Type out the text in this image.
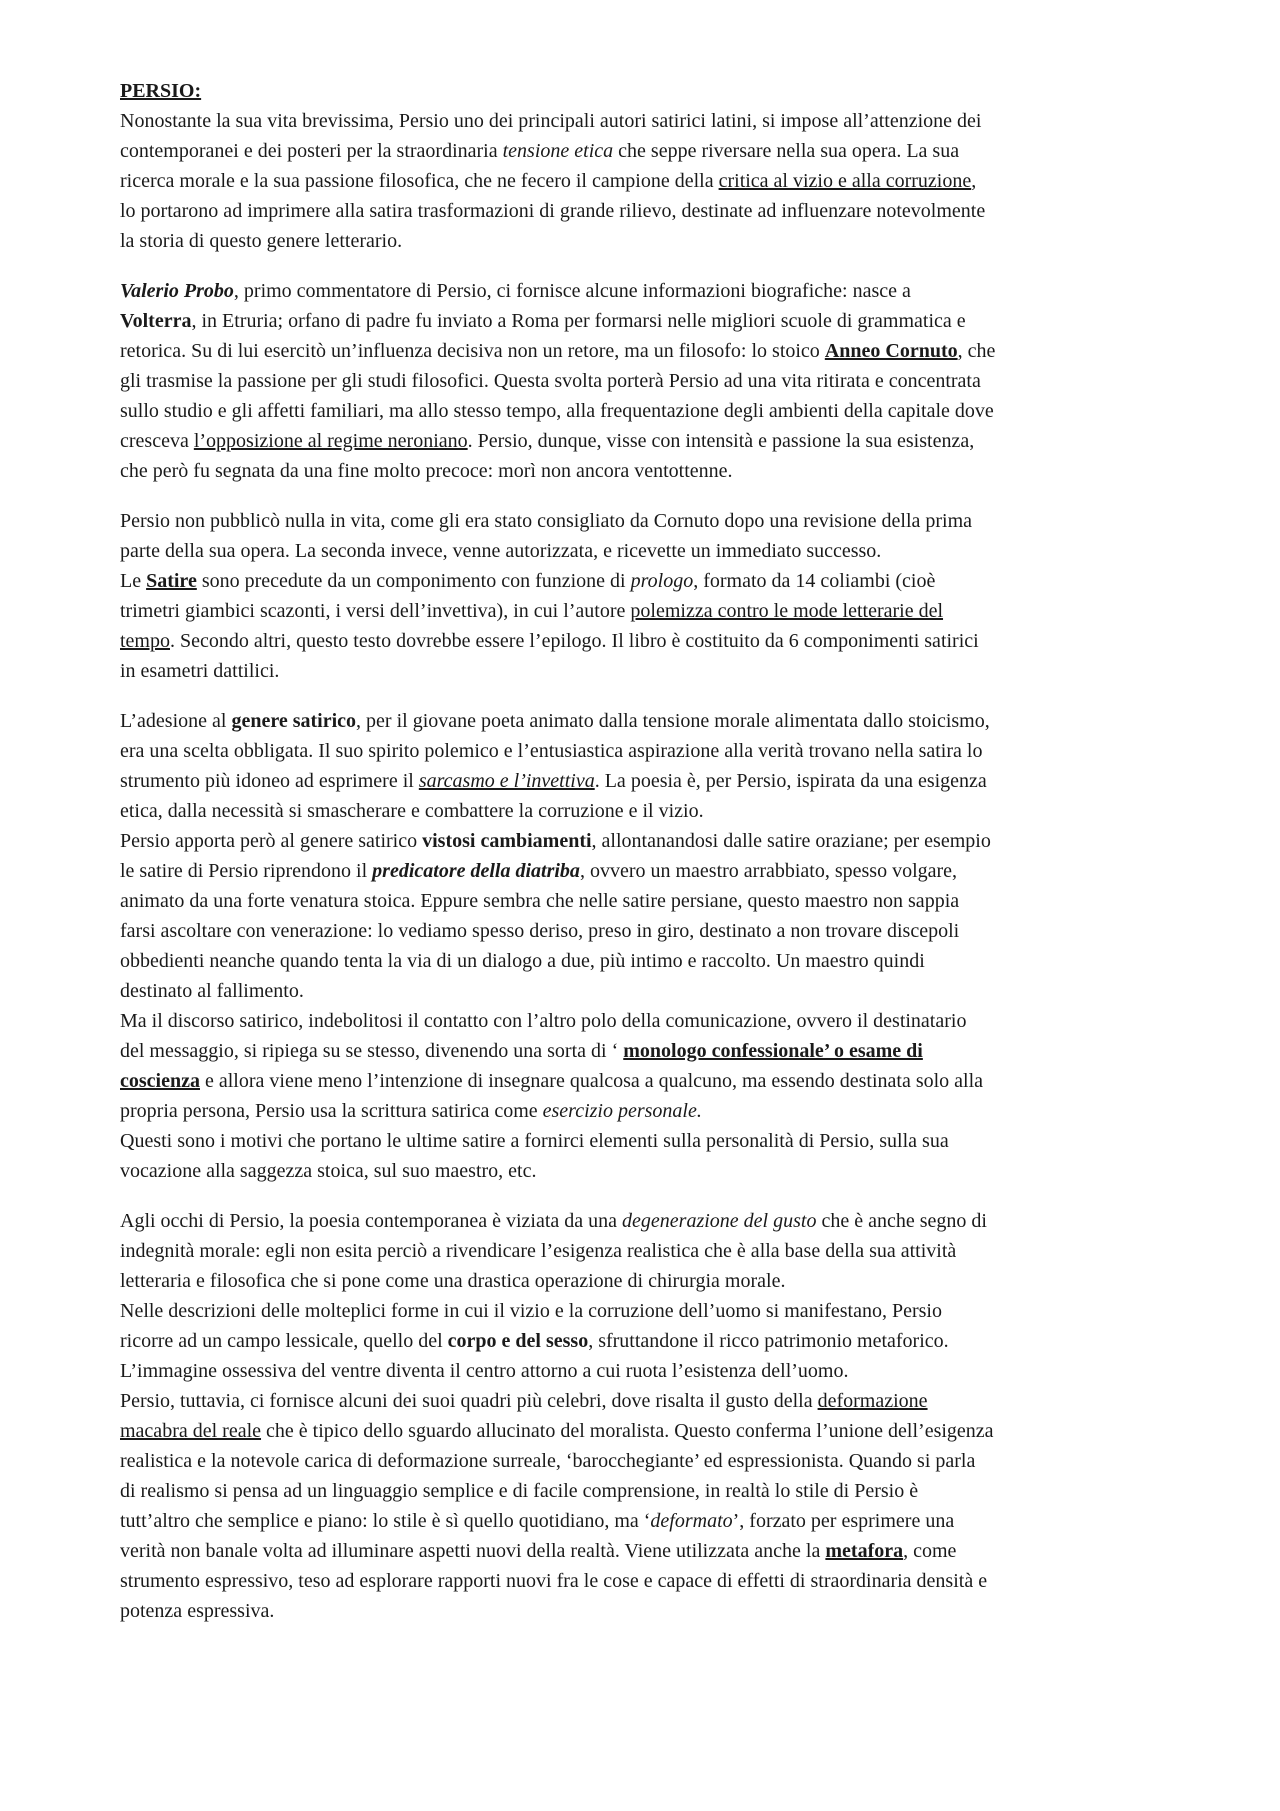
PERSIO:
Nonostante la sua vita brevissima, Persio uno dei principali autori satirici latini, si impose all’attenzione dei
contemporanei e dei posteri per la straordinaria tensione etica che seppe riversare nella sua opera. La sua
ricerca morale e la sua passione filosofica, che ne fecero il campione della critica al vizio e alla corruzione,
lo portarono ad imprimere alla satira trasformazioni di grande rilievo, destinate ad influenzare notevolmente
la storia di questo genere letterario.
Valerio Probo, primo commentatore di Persio, ci fornisce alcune informazioni biografiche: nasce a
Volterra, in Etruria; orfano di padre fu inviato a Roma per formarsi nelle migliori scuole di grammatica e
retorica. Su di lui esercitò un’influenza decisiva non un retore, ma un filosofo: lo stoico Anneo Cornuto, che
gli trasmise la passione per gli studi filosofici. Questa svolta porterà Persio ad una vita ritirata e concentrata
sullo studio e gli affetti familiari, ma allo stesso tempo, alla frequentazione degli ambienti della capitale dove
cresceva l’opposizione al regime neroniano. Persio, dunque, visse con intensità e passione la sua esistenza,
che però fu segnata da una fine molto precoce: morì non ancora ventottenne.
Persio non pubblicò nulla in vita, come gli era stato consigliato da Cornuto dopo una revisione della prima
parte della sua opera. La seconda invece, venne autorizzata, e ricevette un immediato successo.
Le Satire sono precedute da un componimento con funzione di prologo, formato da 14 coliambi (cioè
trimetri giambici scazonti, i versi dell’invettiva), in cui l’autore polemizza contro le mode letterarie del
tempo. Secondo altri, questo testo dovrebbe essere l’epilogo. Il libro è costituito da 6 componimenti satirici
in esametri dattilici.
L’adesione al genere satirico, per il giovane poeta animato dalla tensione morale alimentata dallo stoicismo,
era una scelta obbligata. Il suo spirito polemico e l’entusiastica aspirazione alla verità trovano nella satira lo
strumento più idoneo ad esprimere il sarcasmo e l’invettiva. La poesia è, per Persio, ispirata da una esigenza
etica, dalla necessità si smascherare e combattere la corruzione e il vizio.
Persio apporta però al genere satirico vistosi cambiamenti, allontanandosi dalle satire oraziane; per esempio
le satire di Persio riprendono il predicatore della diatriba, ovvero un maestro arrabbiato, spesso volgare,
animato da una forte venatura stoica. Eppure sembra che nelle satire persiane, questo maestro non sappia
farsi ascoltare con venerazione: lo vediamo spesso deriso, preso in giro, destinato a non trovare discepoli
obbedienti neanche quando tenta la via di un dialogo a due, più intimo e raccolto. Un maestro quindi
destinato al fallimento.
Ma il discorso satirico, indebolitosi il contatto con l’altro polo della comunicazione, ovvero il destinatario
del messaggio, si ripiega su se stesso, divenendo una sorta di ‘ monologo confessionale’ o esame di
coscienza e allora viene meno l’intenzione di insegnare qualcosa a qualcuno, ma essendo destinata solo alla
propria persona, Persio usa la scrittura satirica come esercizio personale.
Questi sono i motivi che portano le ultime satire a fornirci elementi sulla personalità di Persio, sulla sua
vocazione alla saggezza stoica, sul suo maestro, etc.
Agli occhi di Persio, la poesia contemporanea è viziata da una degenerazione del gusto che è anche segno di
indegnità morale: egli non esita perciò a rivendicare l’esigenza realistica che è alla base della sua attività
letteraria e filosofica che si pone come una drastica operazione di chirurgia morale.
Nelle descrizioni delle molteplici forme in cui il vizio e la corruzione dell’uomo si manifestano, Persio
ricorre ad un campo lessicale, quello del corpo e del sesso, sfruttandone il ricco patrimonio metaforico.
L’immagine ossessiva del ventre diventa il centro attorno a cui ruota l’esistenza dell’uomo.
Persio, tuttavia, ci fornisce alcuni dei suoi quadri più celebri, dove risalta il gusto della deformazione
macabra del reale che è tipico dello sguardo allucinato del moralista. Questo conferma l’unione dell’esigenza
realistica e la notevole carica di deformazione surreale, ‘barocchegiante’ ed espressionista. Quando si parla
di realismo si pensa ad un linguaggio semplice e di facile comprensione, in realtà lo stile di Persio è
tutt’altro che semplice e piano: lo stile è sì quello quotidiano, ma ‘deformato’, forzato per esprimere una
verità non banale volta ad illuminare aspetti nuovi della realtà. Viene utilizzata anche la metafora, come
strumento espressivo, teso ad esplorare rapporti nuovi fra le cose e capace di effetti di straordinaria densità e
potenza espressiva.
